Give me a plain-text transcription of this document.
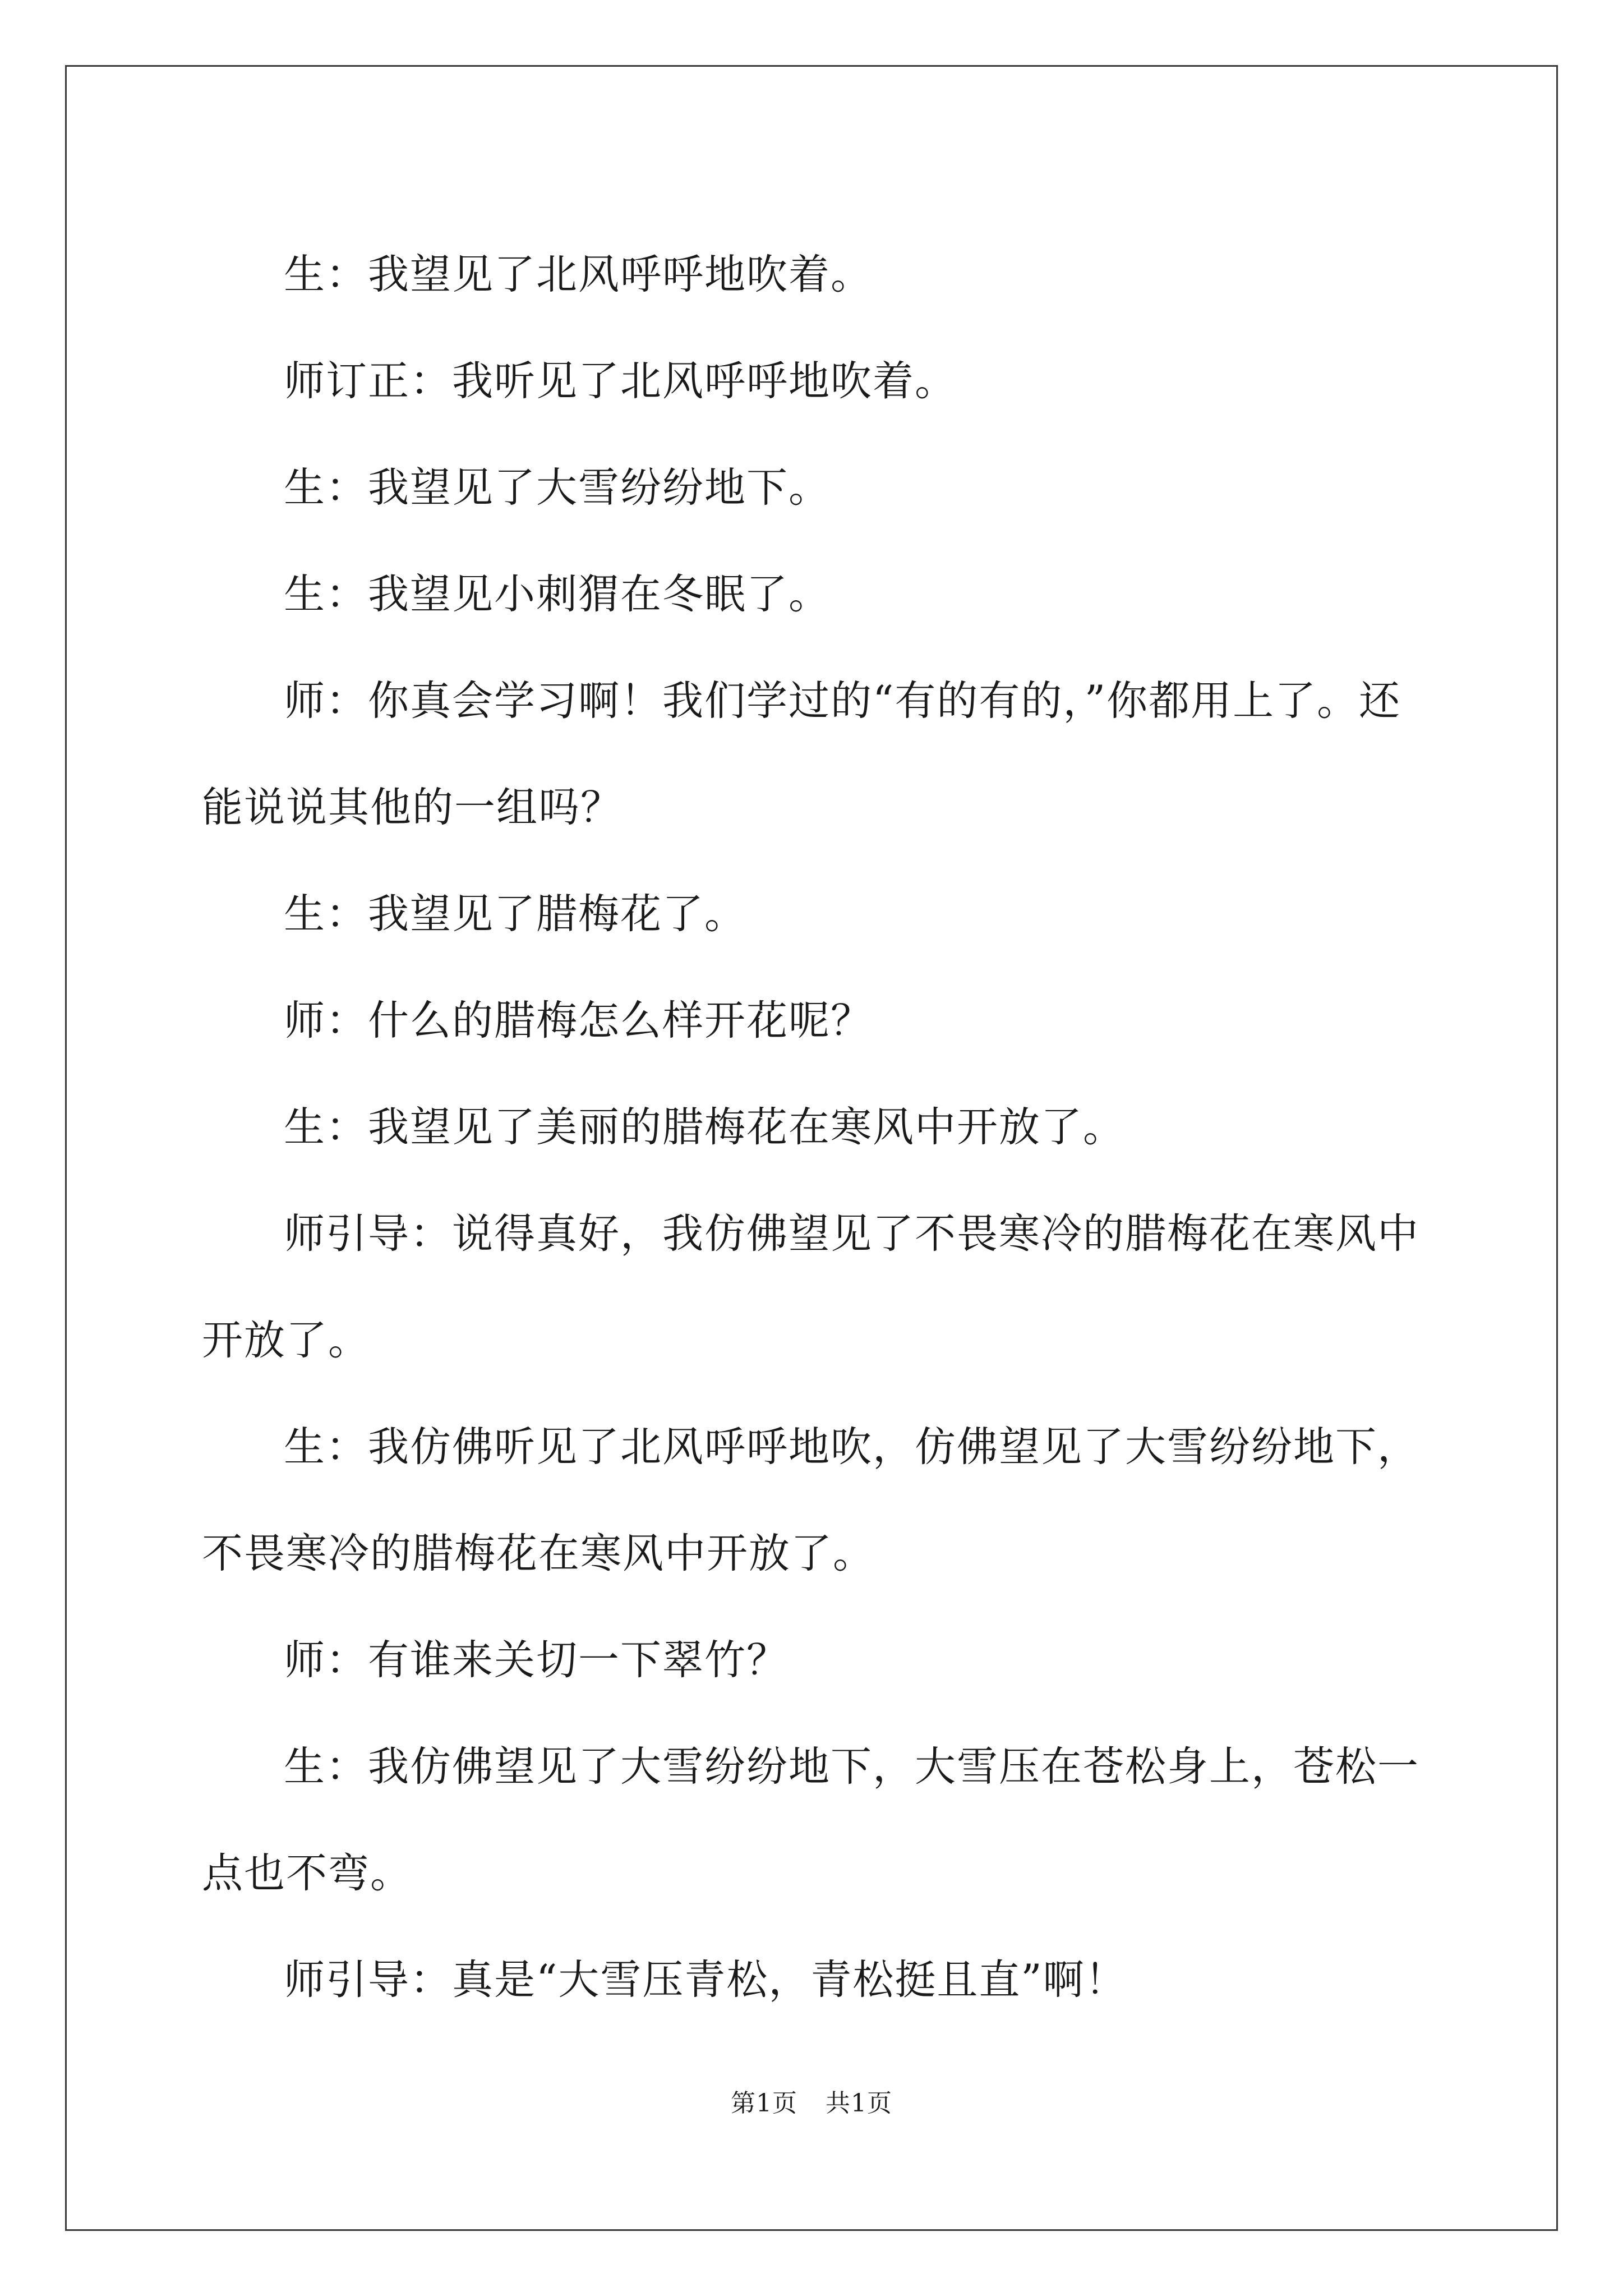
生：我望见了北风呼呼地吹着。

师订正：我听见了北风呼呼地吹着。

生：我望见了大雪纷纷地下。

生：我望见小刺猬在冬眠了。

师：你真会学习啊！我们学过的“有的有的，”你都用上了。还能说说其他的一组吗？

生：我望见了腊梅花了。

师：什么的腊梅怎么样开花呢？

生：我望见了美丽的腊梅花在寒风中开放了。

师引导：说得真好，我仿佛望见了不畏寒冷的腊梅花在寒风中开放了。

生：我仿佛听见了北风呼呼地吹，仿佛望见了大雪纷纷地下，不畏寒冷的腊梅花在寒风中开放了。

师：有谁来关切一下翠竹？

生：我仿佛望见了大雪纷纷地下，大雪压在苍松身上，苍松一点也不弯。

师引导：真是“大雪压青松，青松挺且直”啊！

第1页 共1页
